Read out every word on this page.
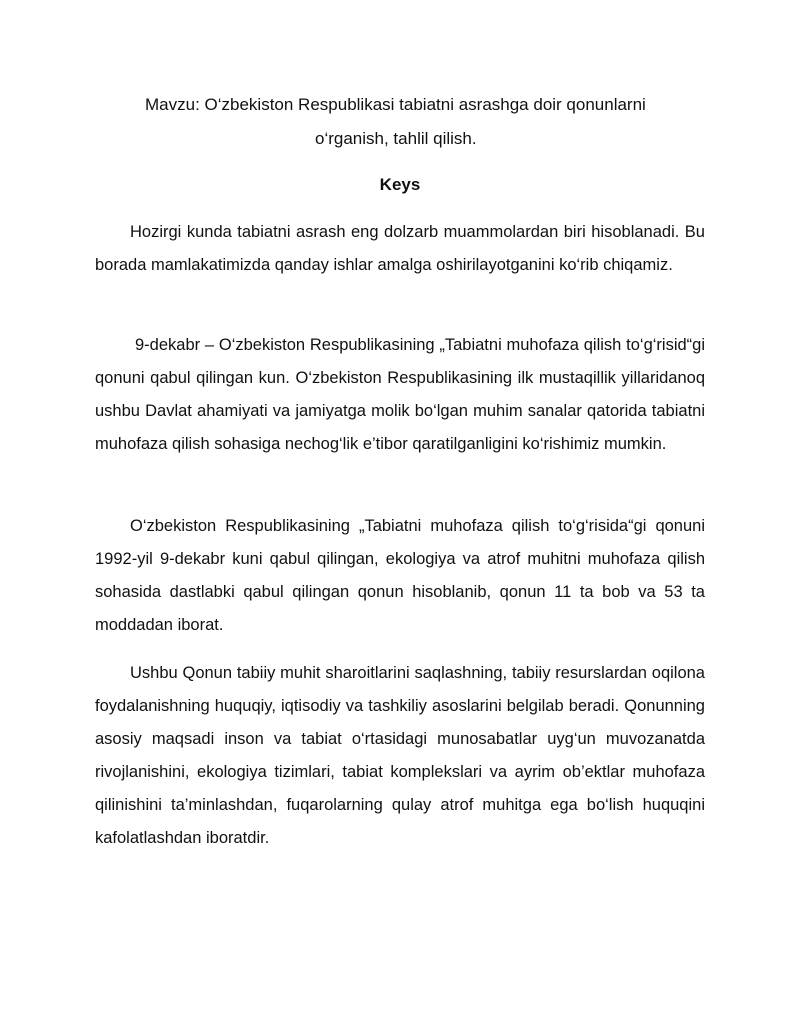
Mavzu: O‘zbekiston Respublikasi tabiatni asrashga doir qonunlarni
o‘rganish, tahlil qilish.
Keys

Hozirgi kunda tabiatni asrash eng dolzarb muammolardan biri hisoblanadi. Bu borada mamlakatimizda qanday ishlar amalga oshirilayotganini ko‘rib chiqamiz.

9-dekabr – O‘zbekiston Respublikasining „Tabiatni muhofaza qilish to‘g‘risid“gi qonuni qabul qilingan kun. O‘zbekiston Respublikasining ilk mustaqillik yillaridanoq ushbu Davlat ahamiyati va jamiyatga molik bo‘lgan muhim sanalar qatorida tabiatni muhofaza qilish sohasiga nechog‘lik e’tibor qaratilganligini ko‘rishimiz mumkin.

O‘zbekiston Respublikasining „Tabiatni muhofaza qilish to‘g‘risida“gi qonuni 1992-yil 9-dekabr kuni qabul qilingan, ekologiya va atrof muhitni muhofaza qilish sohasida dastlabki qabul qilingan qonun hisoblanib, qonun 11 ta bob va 53 ta moddadan iborat.

Ushbu Qonun tabiiy muhit sharoitlarini saqlashning, tabiiy resurslardan oqilona foydalanishning huquqiy, iqtisodiy va tashkiliy asoslarini belgilab beradi. Qonunning asosiy maqsadi inson va tabiat o‘rtasidagi munosabatlar uyg‘un muvozanatda rivojlanishini, ekologiya tizimlari, tabiat komplekslari va ayrim ob’ektlar muhofaza qilinishini ta’minlashdan, fuqarolarning qulay atrof muhitga ega bo‘lish huquqini kafolatlashdan iboratdir.
